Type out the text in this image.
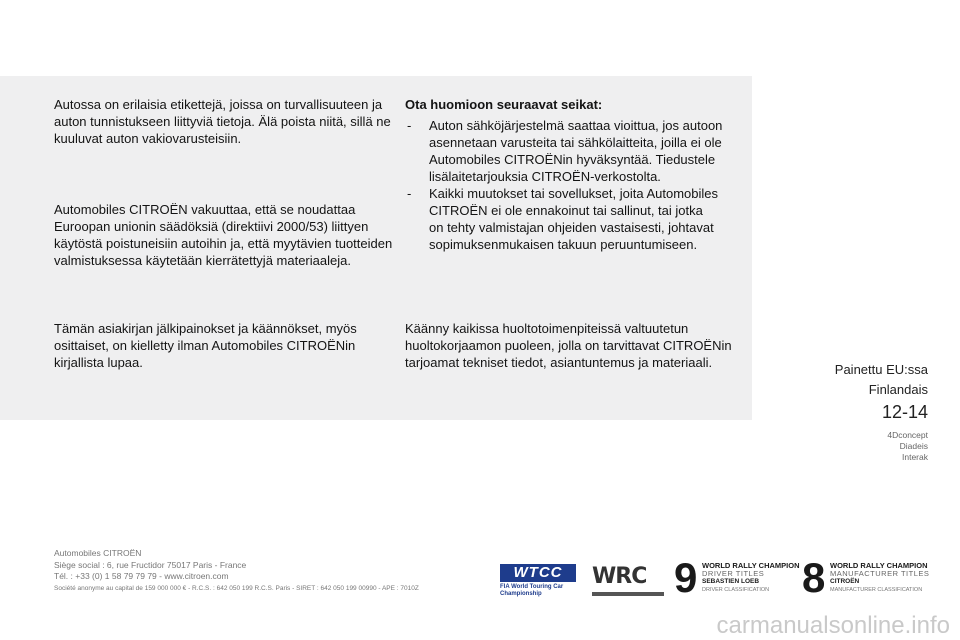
Autossa on erilaisia etikettejä, joissa on turvallisuuteen ja
auton tunnistukseen liittyviä tietoja. Älä poista niitä, sillä ne
kuuluvat auton vakiovarusteisiin.
Automobiles CITROËN vakuuttaa, että se noudattaa
Euroopan unionin säädöksiä (direktiivi 2000/53) liittyen
käytöstä poistuneisiin autoihin ja, että myytävien tuotteiden
valmistuksessa käytetään kierrätettyjä materiaaleja.
Tämän asiakirjan jälkipainokset ja käännökset, myös
osittaiset, on kielletty ilman Automobiles CITROËNin
kirjallista lupaa.
Ota huomioon seuraavat seikat:
- Auton sähköjärjestelmä saattaa vioittua, jos autoon
asennetaan varusteita tai sähkölaitteita, joilla ei ole
Automobiles CITROËNin hyväksyntää. Tiedustele
lisälaitetarjouksia CITROËN-verkostolta.
- Kaikki muutokset tai sovellukset, joita Automobiles
CITROËN ei ole ennakoinut tai sallinut, tai jotka
on tehty valmistajan ohjeiden vastaisesti, johtavat
sopimuksenmukaisen takuun peruuntumiseen.
Käänny kaikissa huoltotoimenpiteissä valtuutetun
huoltokorjaamon puoleen, jolla on tarvittavat CITROËNin
tarjoamat tekniset tiedot, asiantuntemus ja materiaali.	Painettu EU:ssa
Finlandais
12-14
4Dconcept
Diadeis
Interak
Automobiles CITROËN
Siège social : 6, rue Fructidor 75017 Paris - France
Tél. : +33 (0) 1 58 79 79 79 - www.citroen.com
Société anonyme au capital de 159 000 000 € - R.C.S. : 642 050 199 R.C.S. Paris - SIRET : 642 050 199 00990 - APE : 7010Z
WTCC
FIA World Touring Car
Championship
WRC 9 WORLD RALLY CHAMPION
DRIVER TITLES
SEBASTIEN LOEB
DRIVER CLASSIFICATION 8 WORLD RALLY CHAMPION
MANUFACTURER TITLES
CITROËN
MANUFACTURER CLASSIFICATION
carmanualsonline.info
